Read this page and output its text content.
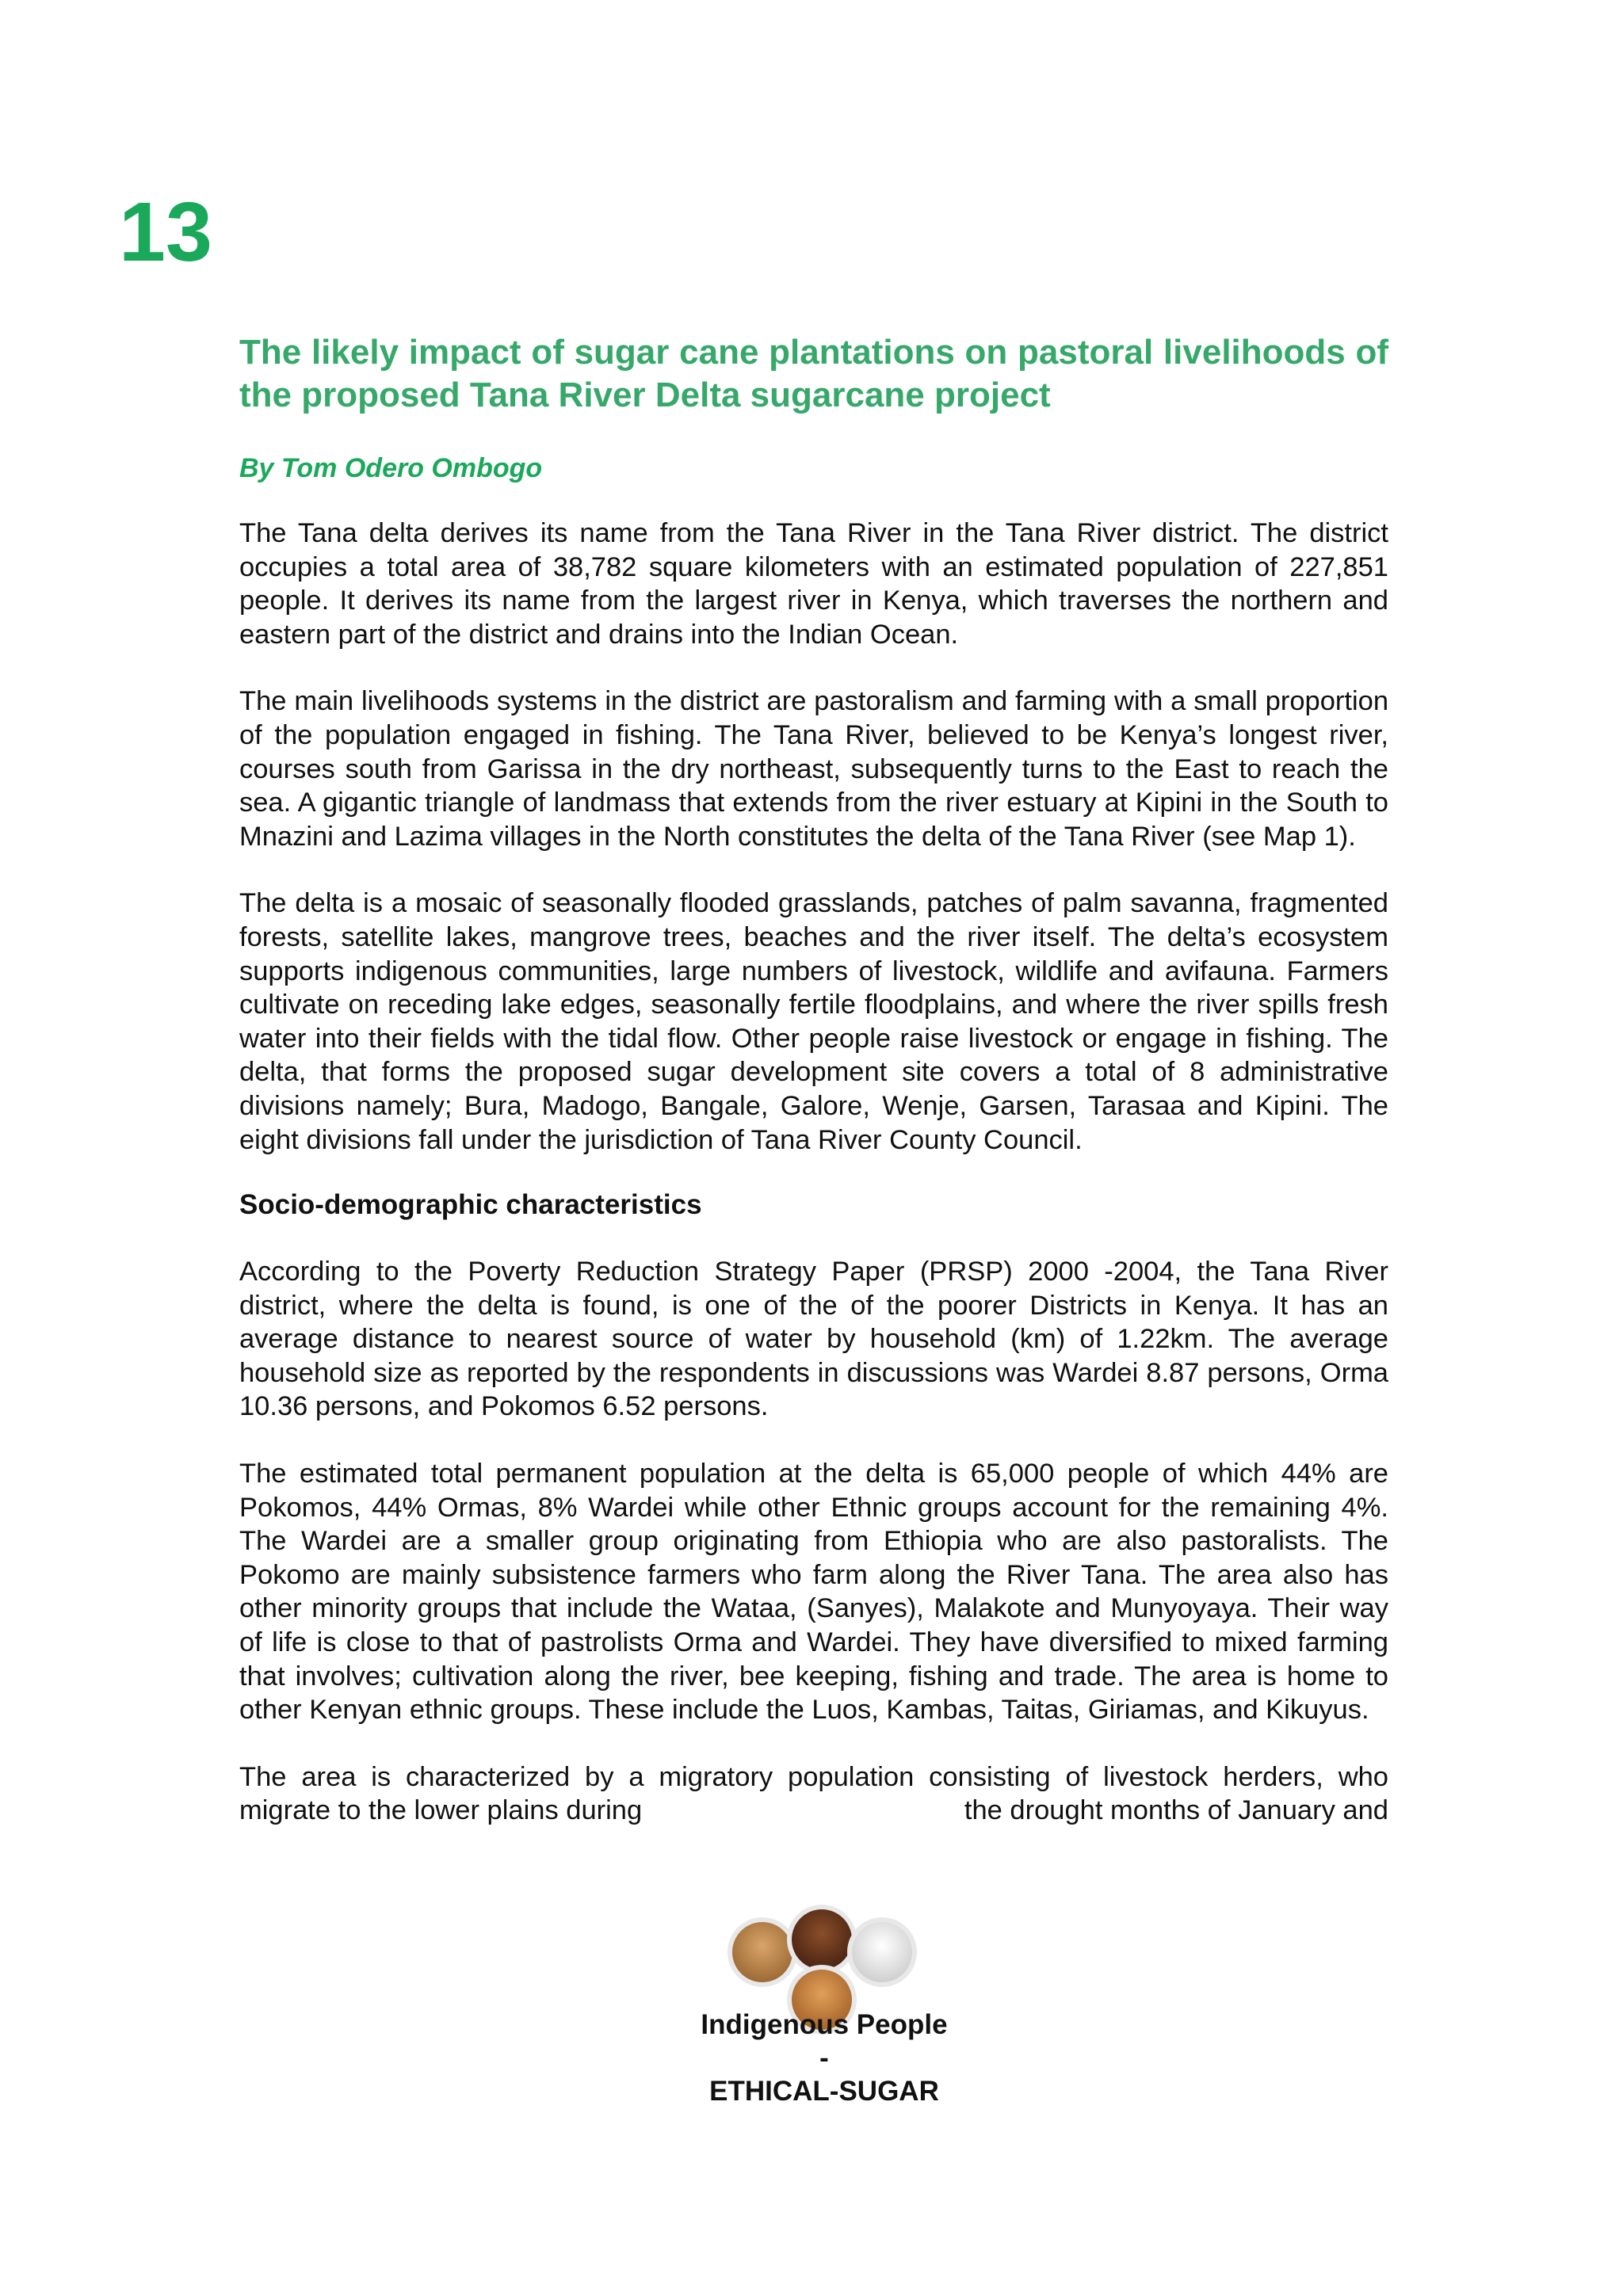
13
The likely impact of sugar cane plantations on pastoral livelihoods of the proposed Tana River Delta sugarcane project

By Tom Odero Ombogo

The Tana delta derives its name from the Tana River in the Tana River district. The district occupies a total area of 38,782 square kilometers with an estimated population of 227,851 people. It derives its name from the largest river in Kenya, which traverses the northern and eastern part of the district and drains into the Indian Ocean.

The main livelihoods systems in the district are pastoralism and farming with a small proportion of the population engaged in fishing. The Tana River, believed to be Kenya’s longest river, courses south from Garissa in the dry northeast, subsequently turns to the East to reach the sea. A gigantic triangle of landmass that extends from the river estuary at Kipini in the South to Mnazini and Lazima villages in the North constitutes the delta of the Tana River (see Map 1).

The delta is a mosaic of seasonally flooded grasslands, patches of palm savanna, fragmented forests, satellite lakes, mangrove trees, beaches and the river itself. The delta’s ecosystem supports indigenous communities, large numbers of livestock, wildlife and avifauna. Farmers cultivate on receding lake edges, seasonally fertile floodplains, and where the river spills fresh water into their fields with the tidal flow. Other people raise livestock or engage in fishing. The delta, that forms the proposed sugar development site covers a total of 8 administrative divisions namely; Bura, Madogo, Bangale, Galore, Wenje, Garsen, Tarasaa and Kipini. The eight divisions fall under the jurisdiction of Tana River County Council.

Socio-demographic characteristics

According to the Poverty Reduction Strategy Paper (PRSP) 2000 -2004, the Tana River district, where the delta is found, is one of the of the poorer Districts in Kenya. It has an average distance to nearest source of water by household (km) of 1.22km. The average household size as reported by the respondents in discussions was Wardei 8.87 persons, Orma 10.36 persons, and Pokomos 6.52 persons.

The estimated total permanent population at the delta is 65,000 people of which 44% are Pokomos, 44% Ormas, 8% Wardei while other Ethnic groups account for the remaining 4%. The Wardei are a smaller group originating from Ethiopia who are also pastoralists. The Pokomo are mainly subsistence farmers who farm along the River Tana. The area also has other minority groups that include the Wataa, (Sanyes), Malakote and Munyoyaya. Their way of life is close to that of pastrolists Orma and Wardei. They have diversified to mixed farming that involves; cultivation along the river, bee keeping, fishing and trade. The area is home to other Kenyan ethnic groups. These include the Luos, Kambas, Taitas, Giriamas, and Kikuyus.

The area is characterized by a migratory population consisting of livestock herders, who
migrate to the lower plains during	the drought months of January and
Indigenous People
-
ETHICAL-SUGAR
